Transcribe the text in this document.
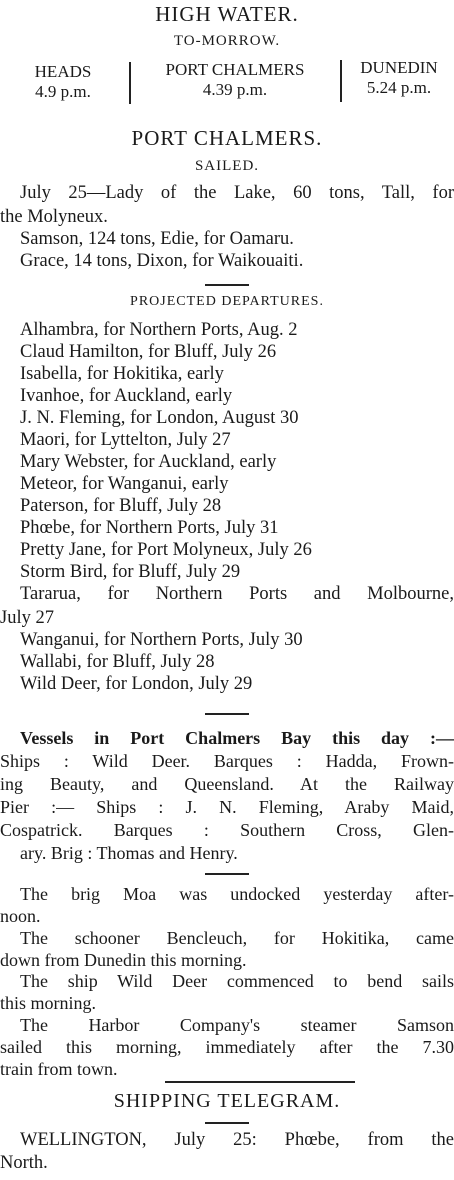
HIGH WATER.
TO-MORROW.
HEADS
4.9 p.m.
PORT CHALMERS
4.39 p.m.
DUNEDIN
5.24 p.m.
PORT CHALMERS.
SAILED.
July 25—Lady of the Lake, 60 tons, Tall, for
the Molyneux.
Samson, 124 tons, Edie, for Oamaru.
Grace, 14 tons, Dixon, for Waikouaiti.
PROJECTED DEPARTURES.
Alhambra, for Northern Ports, Aug. 2
Claud Hamilton, for Bluff, July 26
Isabella, for Hokitika, early
Ivanhoe, for Auckland, early
J. N. Fleming, for London, August 30
Maori, for Lyttelton, July 27
Mary Webster, for Auckland, early
Meteor, for Wanganui, early
Paterson, for Bluff, July 28
Phœbe, for Northern Ports, July 31
Pretty Jane, for Port Molyneux, July 26
Storm Bird, for Bluff, July 29
Tararua, for Northern Ports and Molbourne,
July 27
Wanganui, for Northern Ports, July 30
Wallabi, for Bluff, July 28
Wild Deer, for London, July 29
Vessels in Port Chalmers Bay this day :—
Ships : Wild Deer. Barques : Hadda, Frown-
ing Beauty, and Queensland. At the Railway
Pier :— Ships : J. N. Fleming, Araby Maid,
Cospatrick. Barques : Southern Cross, Glen-
ary. Brig : Thomas and Henry.
The brig Moa was undocked yesterday after-
noon.
The schooner Bencleuch, for Hokitika, came
down from Dunedin this morning.
The ship Wild Deer commenced to bend sails
this morning.
The Harbor Company's steamer Samson
sailed this morning, immediately after the 7.30
train from town.
SHIPPING TELEGRAM.
WELLINGTON, July 25: Phœbe, from the
North.
